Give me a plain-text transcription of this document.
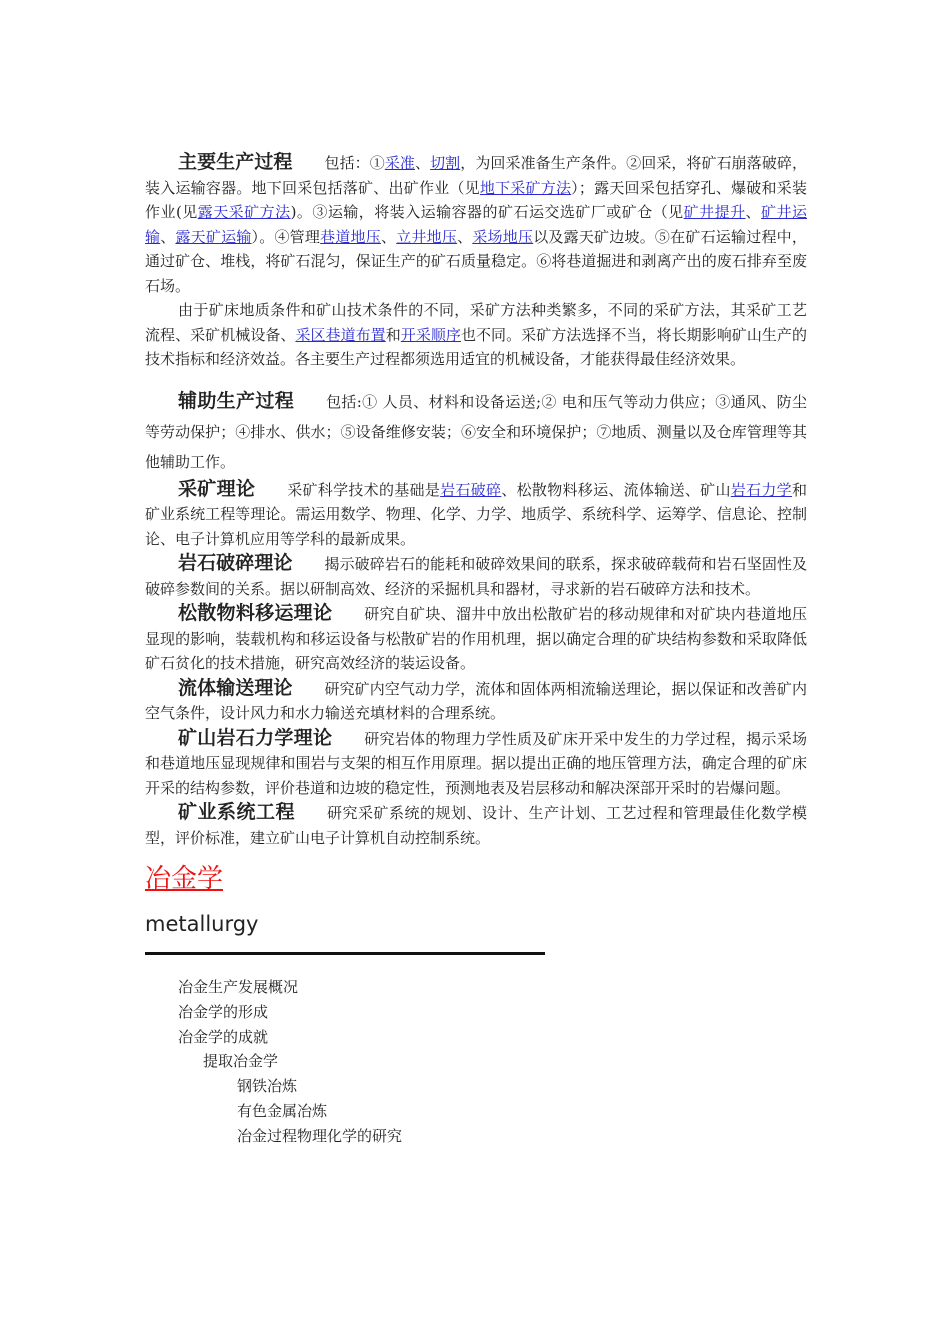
主要生产过程 包括：①采准、切割，为回采准备生产条件。②回采，将矿石崩落破碎，装入运输容器。地下回采包括落矿、出矿作业（见地下采矿方法）；露天回采包括穿孔、爆破和采装作业(见露天采矿方法)。③运输，将装入运输容器的矿石运交选矿厂或矿仓（见矿井提升、矿井运输、露天矿运输）。④管理巷道地压、立井地压、采场地压以及露天矿边坡。⑤在矿石运输过程中，通过矿仓、堆栈，将矿石混匀，保证生产的矿石质量稳定。⑥将巷道掘进和剥离产出的废石排弃至废石场。

由于矿床地质条件和矿山技术条件的不同，采矿方法种类繁多，不同的采矿方法，其采矿工艺流程、采矿机械设备、采区巷道布置和开采顺序也不同。采矿方法选择不当，将长期影响矿山生产的技术指标和经济效益。各主要生产过程都须选用适宜的机械设备，才能获得最佳经济效果。

辅助生产过程 包括:① 人员、材料和设备运送;② 电和压气等动力供应；③通风、防尘等劳动保护；④排水、供水；⑤设备维修安装；⑥安全和环境保护；⑦地质、测量以及仓库管理等其他辅助工作。

采矿理论 采矿科学技术的基础是岩石破碎、松散物料移运、流体输送、矿山岩石力学和矿业系统工程等理论。需运用数学、物理、化学、力学、地质学、系统科学、运筹学、信息论、控制论、电子计算机应用等学科的最新成果。

岩石破碎理论 揭示破碎岩石的能耗和破碎效果间的联系，探求破碎载荷和岩石坚固性及破碎参数间的关系。据以研制高效、经济的采掘机具和器材，寻求新的岩石破碎方法和技术。

松散物料移运理论 研究自矿块、溜井中放出松散矿岩的移动规律和对矿块内巷道地压显现的影响，装载机构和移运设备与松散矿岩的作用机理，据以确定合理的矿块结构参数和采取降低矿石贫化的技术措施，研究高效经济的装运设备。

流体输送理论 研究矿内空气动力学，流体和固体两相流输送理论，据以保证和改善矿内空气条件，设计风力和水力输送充填材料的合理系统。

矿山岩石力学理论 研究岩体的物理力学性质及矿床开采中发生的力学过程，揭示采场和巷道地压显现规律和围岩与支架的相互作用原理。据以提出正确的地压管理方法，确定合理的矿床开采的结构参数，评价巷道和边坡的稳定性，预测地表及岩层移动和解决深部开采时的岩爆问题。

矿业系统工程 研究采矿系统的规划、设计、生产计划、工艺过程和管理最佳化数学模型，评价标准，建立矿山电子计算机自动控制系统。

冶金学
metallurgy
冶金生产发展概况
冶金学的形成
冶金学的成就
提取冶金学
钢铁冶炼
有色金属冶炼
冶金过程物理化学的研究
